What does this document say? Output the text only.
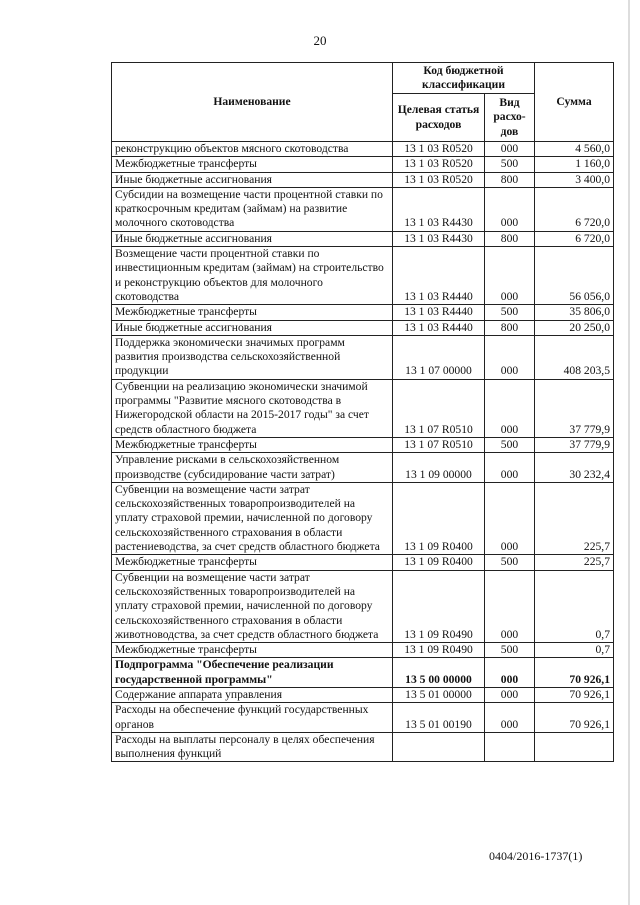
20
Наименование	Код бюджетной классификации		Сумма
	Целевая статья расходов	Вид расхо-дов	
реконструкцию объектов мясного скотоводства	13 1 03 R0520	000	4 560,0
Межбюджетные трансферты	13 1 03 R0520	500	1 160,0
Иные бюджетные ассигнования	13 1 03 R0520	800	3 400,0
Субсидии на возмещение части процентной ставки по краткосрочным кредитам (займам) на развитие молочного скотоводства	13 1 03 R4430	000	6 720,0
Иные бюджетные ассигнования	13 1 03 R4430	800	6 720,0
Возмещение части процентной ставки по инвестиционным кредитам (займам) на строительство и реконструкцию объектов для молочного скотоводства	13 1 03 R4440	000	56 056,0
Межбюджетные трансферты	13 1 03 R4440	500	35 806,0
Иные бюджетные ассигнования	13 1 03 R4440	800	20 250,0
Поддержка экономически значимых программ развития производства сельскохозяйственной продукции	13 1 07 00000	000	408 203,5
Субвенции на реализацию экономически значимой программы "Развитие мясного скотоводства в Нижегородской области на 2015-2017 годы" за счет средств областного бюджета	13 1 07 R0510	000	37 779,9
Межбюджетные трансферты	13 1 07 R0510	500	37 779,9
Управление рисками в сельскохозяйственном производстве (субсидирование части затрат)	13 1 09 00000	000	30 232,4
Субвенции на возмещение части затрат сельскохозяйственных товаропроизводителей на уплату страховой премии, начисленной по договору сельскохозяйственного страхования в области растениеводства, за счет средств областного бюджета	13 1 09 R0400	000	225,7
Межбюджетные трансферты	13 1 09 R0400	500	225,7
Субвенции на возмещение части затрат сельскохозяйственных товаропроизводителей на уплату страховой премии, начисленной по договору сельскохозяйственного страхования в области животноводства, за счет средств областного бюджета	13 1 09 R0490	000	0,7
Межбюджетные трансферты	13 1 09 R0490	500	0,7
Подпрограмма "Обеспечение реализации государственной программы"	13 5 00 00000	000	70 926,1
Содержание аппарата управления	13 5 01 00000	000	70 926,1
Расходы на обеспечение функций государственных органов	13 5 01 00190	000	70 926,1
Расходы на выплаты персоналу в целях обеспечения выполнения функций			
0404/2016-1737(1)
